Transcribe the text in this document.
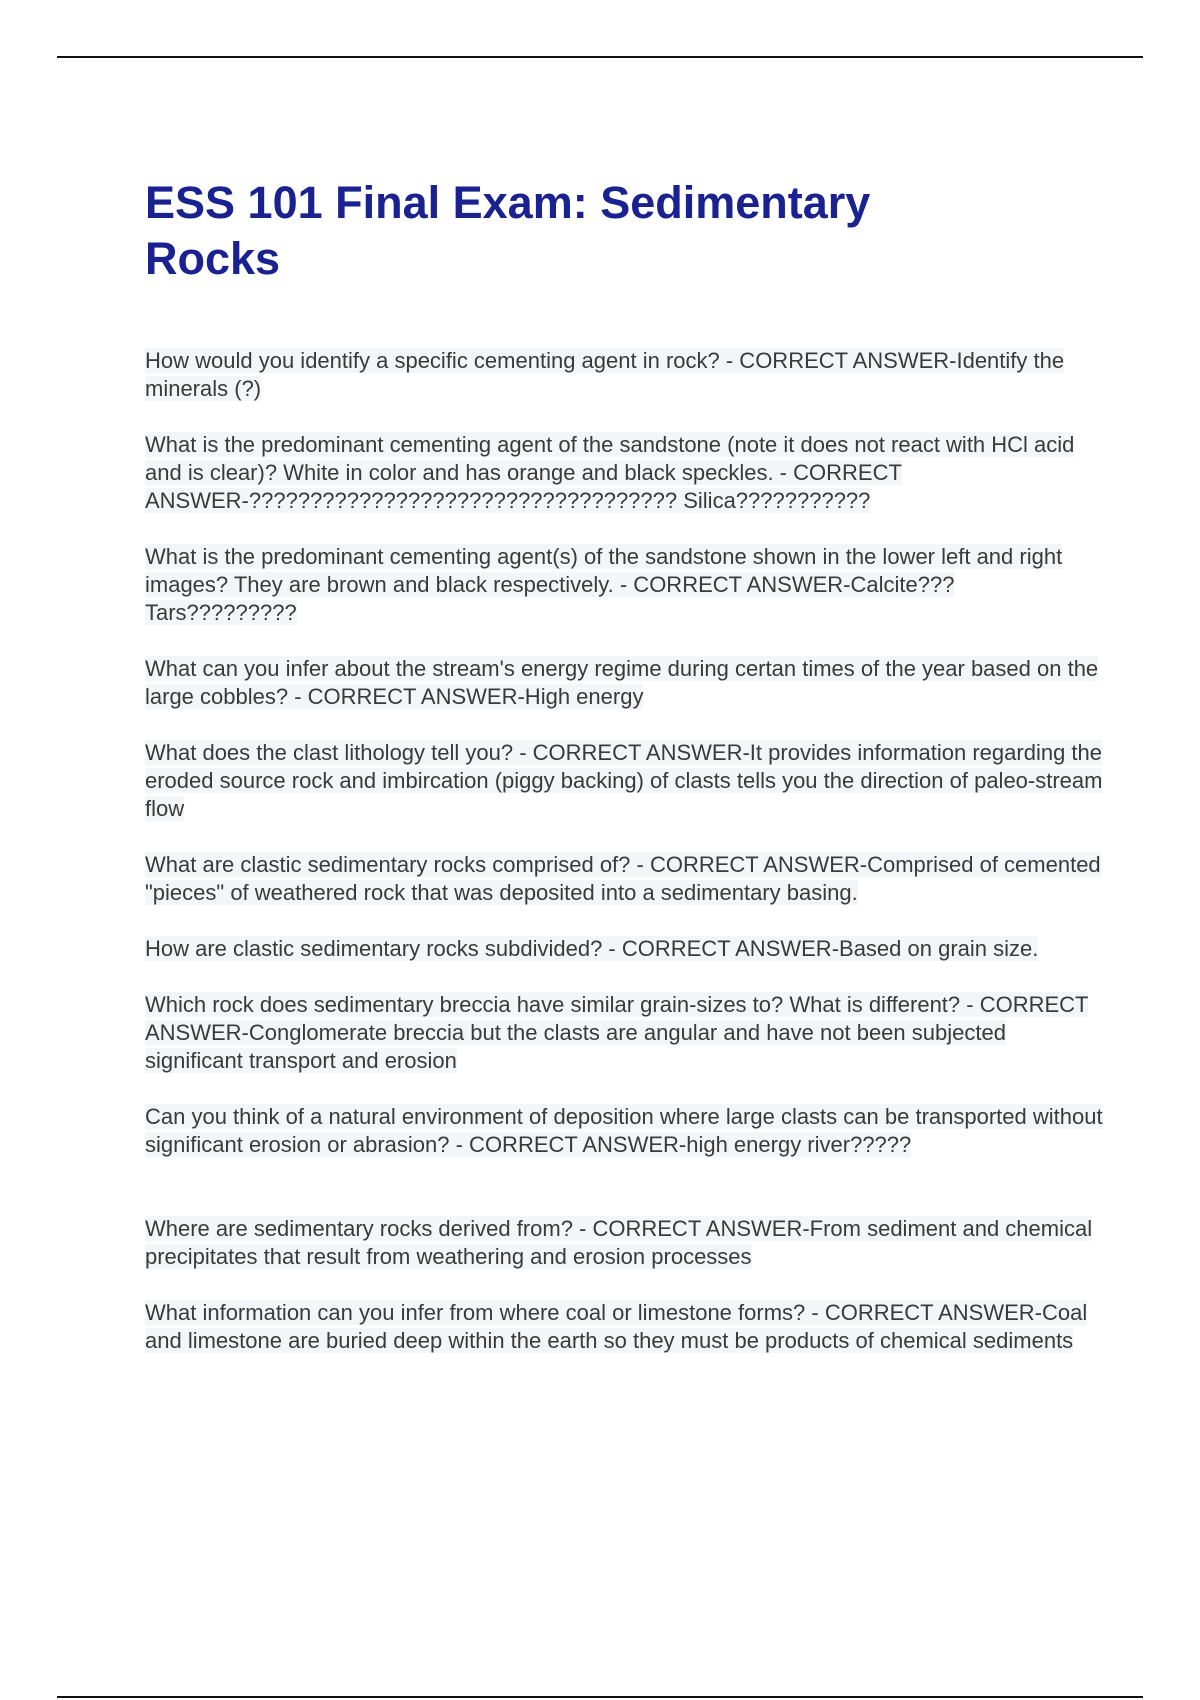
ESS 101 Final Exam: Sedimentary Rocks

How would you identify a specific cementing agent in rock? - CORRECT ANSWER-Identify the minerals (?)

What is the predominant cementing agent of the sandstone (note it does not react with HCl acid and is clear)? White in color and has orange and black speckles. - CORRECT ANSWER-??????????????????????????????????? Silica???????????

What is the predominant cementing agent(s) of the sandstone shown in the lower left and right images? They are brown and black respectively. - CORRECT ANSWER-Calcite??? Tars?????????

What can you infer about the stream's energy regime during certan times of the year based on the large cobbles? - CORRECT ANSWER-High energy

What does the clast lithology tell you? - CORRECT ANSWER-It provides information regarding the eroded source rock and imbircation (piggy backing) of clasts tells you the direction of paleo-stream flow

What are clastic sedimentary rocks comprised of? - CORRECT ANSWER-Comprised of cemented "pieces" of weathered rock that was deposited into a sedimentary basing.

How are clastic sedimentary rocks subdivided? - CORRECT ANSWER-Based on grain size.

Which rock does sedimentary breccia have similar grain-sizes to? What is different? - CORRECT ANSWER-Conglomerate breccia but the clasts are angular and have not been subjected significant transport and erosion

Can you think of a natural environment of deposition where large clasts can be transported without significant erosion or abrasion? - CORRECT ANSWER-high energy river?????

Where are sedimentary rocks derived from? - CORRECT ANSWER-From sediment and chemical precipitates that result from weathering and erosion processes

What information can you infer from where coal or limestone forms? - CORRECT ANSWER-Coal and limestone are buried deep within the earth so they must be products of chemical sediments
